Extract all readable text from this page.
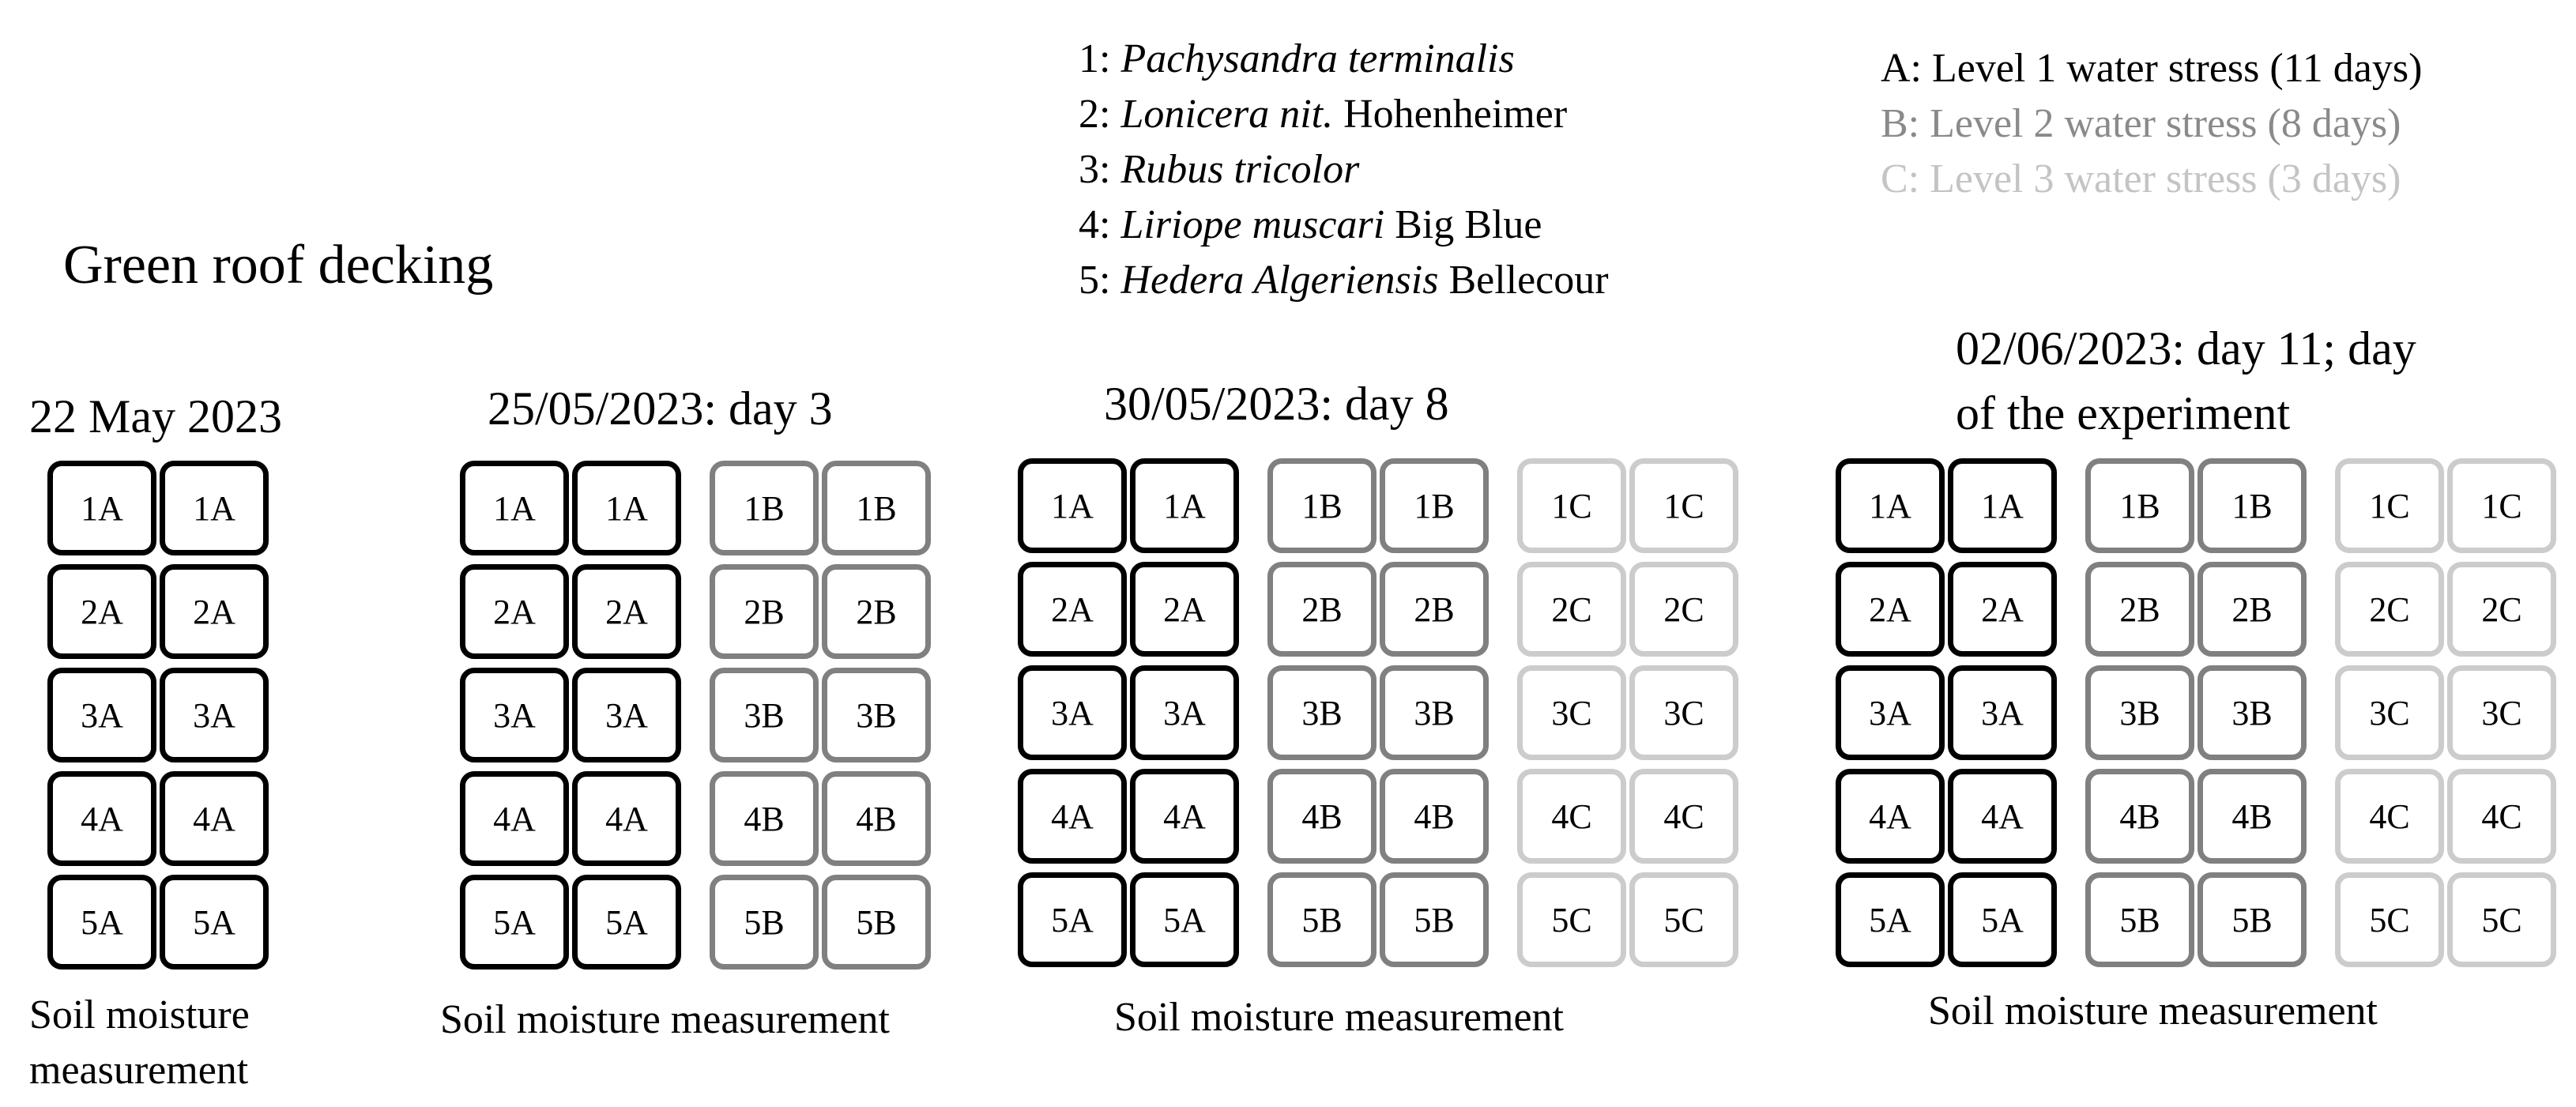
Green roof decking
1: Pachysandra terminalis
2: Lonicera nit. Hohenheimer
3: Rubus tricolor
4: Liriope muscari Big Blue
5: Hedera Algeriensis Bellecour
A: Level 1 water stress (11 days)
B: Level 2 water stress (8 days)
C: Level 3 water stress (3 days)
22 May 2023
1A	1A
2A	2A
3A	3A
4A	4A
5A	5A
Soil moisture
measurement
25/05/2023: day 3
1A	1A	1B	1B
2A	2A	2B	2B
3A	3A	3B	3B
4A	4A	4B	4B
5A	5A	5B	5B
Soil moisture measurement
30/05/2023: day 8
1A	1A	1B	1B	1C	1C
2A	2A	2B	2B	2C	2C
3A	3A	3B	3B	3C	3C
4A	4A	4B	4B	4C	4C
5A	5A	5B	5B	5C	5C
Soil moisture measurement
02/06/2023: day 11; day
of the experiment
1A	1A	1B	1B	1C	1C
2A	2A	2B	2B	2C	2C
3A	3A	3B	3B	3C	3C
4A	4A	4B	4B	4C	4C
5A	5A	5B	5B	5C	5C
Soil moisture measurement
